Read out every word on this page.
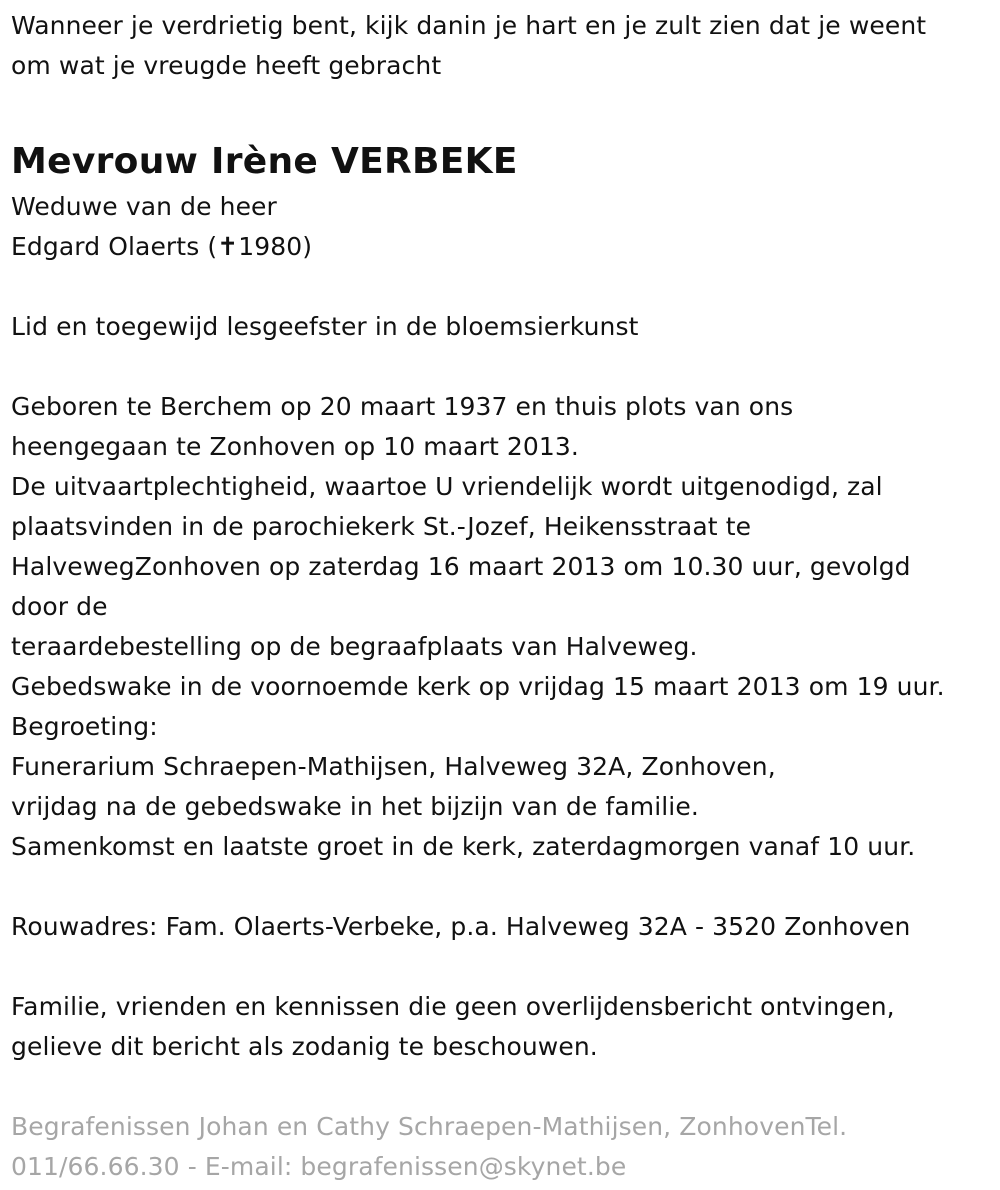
Wanneer je verdrietig bent, kijk danin je hart en je zult zien dat je weent

om wat je vreugde heeft gebracht

Mevrouw Irène VERBEKE

Weduwe van de heer

Edgard Olaerts (✝1980)

Lid en toegewijd lesgeefster in de bloemsierkunst

Geboren te Berchem op 20 maart 1937 en thuis plots van ons

heengegaan te Zonhoven op 10 maart 2013.

De uitvaartplechtigheid, waartoe U vriendelijk wordt uitgenodigd, zal

plaatsvinden in de parochiekerk St.-Jozef, Heikensstraat te

HalvewegZonhoven op zaterdag 16 maart 2013 om 10.30 uur, gevolgd

door de

teraardebestelling op de begraafplaats van Halveweg.

Gebedswake in de voornoemde kerk op vrijdag 15 maart 2013 om 19 uur.

Begroeting:

Funerarium Schraepen-Mathijsen, Halveweg 32A, Zonhoven,

vrijdag na de gebedswake in het bijzijn van de familie.

Samenkomst en laatste groet in de kerk, zaterdagmorgen vanaf 10 uur.

Rouwadres: Fam. Olaerts-Verbeke, p.a. Halveweg 32A - 3520 Zonhoven

Familie, vrienden en kennissen die geen overlijdensbericht ontvingen,

gelieve dit bericht als zodanig te beschouwen.

Begrafenissen Johan en Cathy Schraepen-Mathijsen, ZonhovenTel.

011/66.66.30 - E-mail: begrafenissen@skynet.be
